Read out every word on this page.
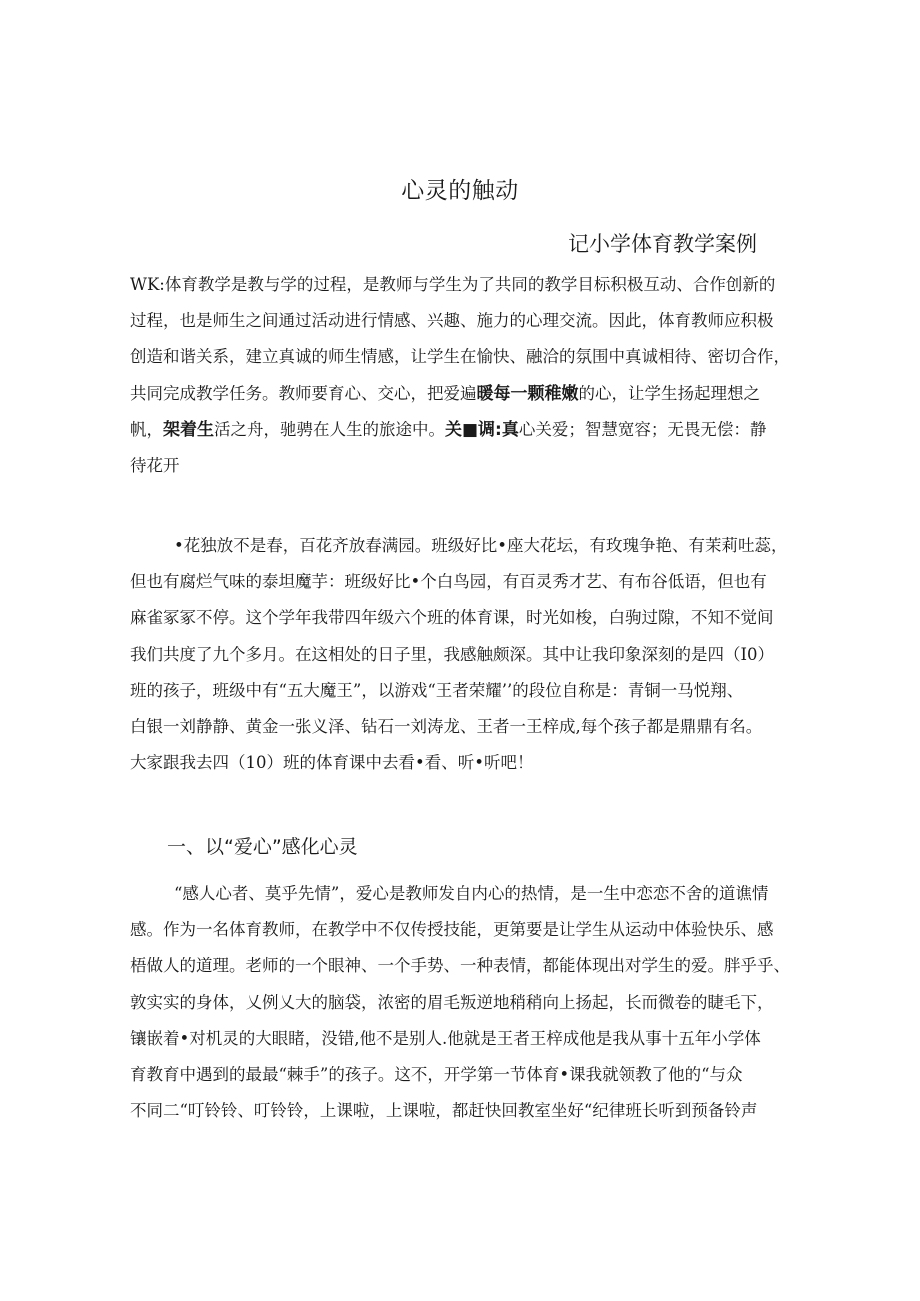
心灵的触动
记小学体育教学案例
WK:体育教学是教与学的过程，是教师与学生为了共同的教学目标积极互动、合作创新的
过程，也是师生之间通过活动进行情感、兴趣、施力的心理交流。因此，体育教师应积极
创造和谐关系，建立真诚的师生情感，让学生在愉快、融洽的氛围中真诚相待、密切合作，
共同完成教学任务。教师要育心、交心，把爱遍暖每一颗稚嫩的心，让学生扬起理想之
帆，架着生活之舟，驰骋在人生的旅途中。关■调:真心关爱；智慧宽容；无畏无偿：静
待花开
•花独放不是春，百花齐放春满园。班级好比•座大花坛，有玫瑰争艳、有茉莉吐蕊，
但也有腐烂气味的泰坦魔芋：班级好比•个白鸟园，有百灵秀才艺、有布谷低语，但也有
麻雀冢冢不停。这个学年我带四年级六个班的体育课，时光如梭，白驹过隙，不知不觉间
我们共度了九个多月。在这相处的日子里，我感触颇深。其中让我印象深刻的是四（I0）
班的孩子，班级中有“五大魔王”，以游戏“王者荣耀’’的段位自称是：青铜一马悦翔、
白银一刘静静、黄金一张义泽、钻石一刘涛龙、王者一王梓成,每个孩子都是鼎鼎有名。
大家跟我去四（10）班的体育课中去看•看、听•听吧！
一、以“爱心”感化心灵
“感人心者、莫乎先情”，爱心是教师发自内心的热情，是一生中恋恋不舍的道谯情
感。作为一名体育教师，在教学中不仅传授技能，更第要是让学生从运动中体验快乐、感
梧做人的道理。老师的一个眼神、一个手势、一种表情，都能体现出对学生的爱。胖乎乎、
敦实实的身体，乂例乂大的脑袋，浓密的眉毛叛逆地稍稍向上扬起，长而微卷的睫毛下，
镶嵌着•对机灵的大眼睹，没错,他不是别人.他就是王者王梓成他是我从事十五年小学体
育教育中遇到的最最“棘手”的孩子。这不，开学第一节体育•课我就领教了他的“与众
不同二“叮铃铃、叮铃铃，上课啦，上课啦，都赶快回教室坐好“纪律班长听到预备铃声
